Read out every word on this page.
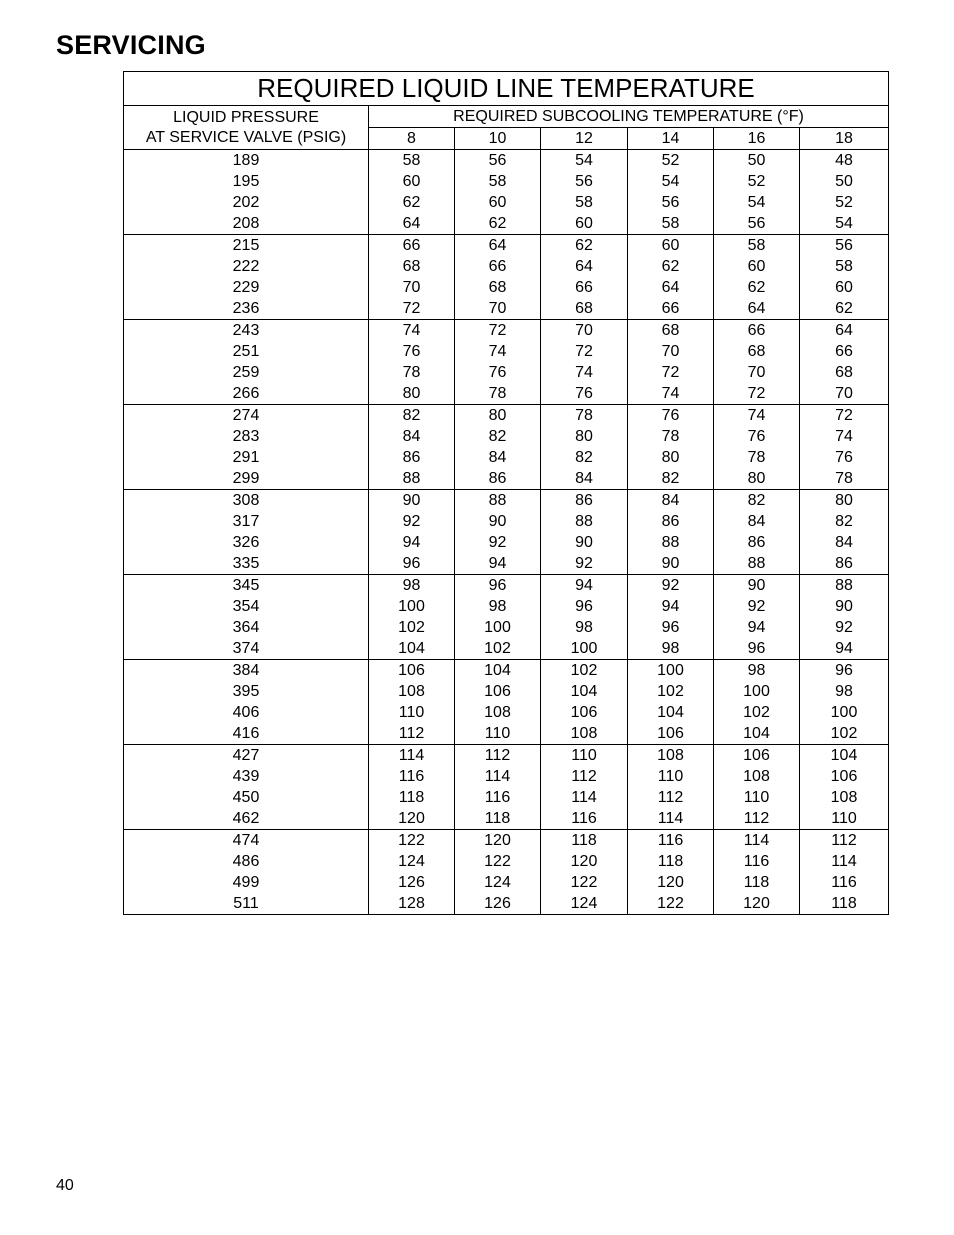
SERVICING
REQUIRED LIQUID LINE TEMPERATURE						
LIQUID PRESSURE
AT SERVICE VALVE (PSIG)	REQUIRED SUBCOOLING TEMPERATURE (°F)					
	8	10	12	14	16	18
189	58	56	54	52	50	48
195	60	58	56	54	52	50
202	62	60	58	56	54	52
208	64	62	60	58	56	54
215	66	64	62	60	58	56
222	68	66	64	62	60	58
229	70	68	66	64	62	60
236	72	70	68	66	64	62
243	74	72	70	68	66	64
251	76	74	72	70	68	66
259	78	76	74	72	70	68
266	80	78	76	74	72	70
274	82	80	78	76	74	72
283	84	82	80	78	76	74
291	86	84	82	80	78	76
299	88	86	84	82	80	78
308	90	88	86	84	82	80
317	92	90	88	86	84	82
326	94	92	90	88	86	84
335	96	94	92	90	88	86
345	98	96	94	92	90	88
354	100	98	96	94	92	90
364	102	100	98	96	94	92
374	104	102	100	98	96	94
384	106	104	102	100	98	96
395	108	106	104	102	100	98
406	110	108	106	104	102	100
416	112	110	108	106	104	102
427	114	112	110	108	106	104
439	116	114	112	110	108	106
450	118	116	114	112	110	108
462	120	118	116	114	112	110
474	122	120	118	116	114	112
486	124	122	120	118	116	114
499	126	124	122	120	118	116
511	128	126	124	122	120	118
40
